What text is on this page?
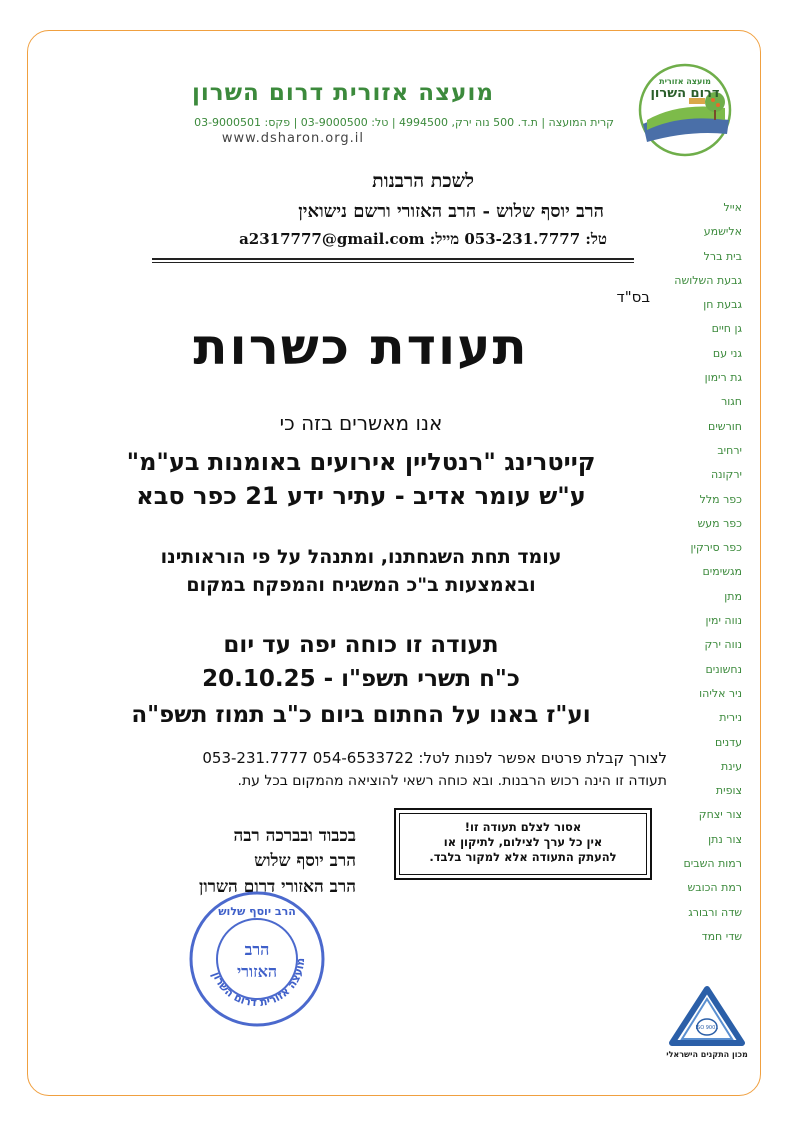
מועצה אזורית דרום השרון
קרית המועצה | ת.ד. 500 נוה ירק, 4994500 | טל: 03-9000500 | פקס: 03-9000501
www.dsharon.org.il
מועצה אזורית
דרום השרון
לשכת הרבנות
הרב יוסף שלוש - הרב האזורי ורשם נישואין
טל: 053-231.7777 מייל: a2317777@gmail.com
בס"ד
תעודת כשרות
אנו מאשרים בזה כי
קייטרינג "רנטליין אירועים באומנות בע"מ"
ע"ש עומר אדיב - עתיר ידע 21 כפר סבא
עומד תחת השגחתנו, ומתנהל על פי הוראותינו
ובאמצעות ב"כ המשגיח והמפקח במקום
תעודה זו כוחה יפה עד יום
כ"ח תשרי תשפ"ו - 20.10.25
וע"ז באנו על החתום ביום כ"ב תמוז תשפ"ה
לצורך קבלת פרטים אפשר לפנות לטל: 054-6533722 053-231.7777
תעודה זו הינה רכוש הרבנות. ובא כוחה רשאי להוציאה מהמקום בכל עת.
אסור לצלם תעודה זו!
אין כל ערך לצילום, לתיקון או
להעתק התעודה אלא למקור בלבד.
בכבוד ובברכה רבה
הרב יוסף שלוש
הרב האזורי דרום השרון
מועצה אזורית דרום השרון
הרב יוסף שלוש
הרב
האזורי
אייל
אלישמע
בית ברל
גבעת השלושה
גבעת חן
גן חיים
גני עם
גת רימון
חגור
חורשים
ירחיב
ירקונה
כפר מלל
כפר מעש
כפר סירקין
מגשימים
מתן
נווה ימין
נווה ירק
נחשונים
ניר אליהו
נירית
עדנים
עינת
צופית
צור יצחק
צור נתן
רמות השבים
רמת הכובש
שדה ורבורג
שדי חמד
ISO 9001
מכון התקנים הישראלי
